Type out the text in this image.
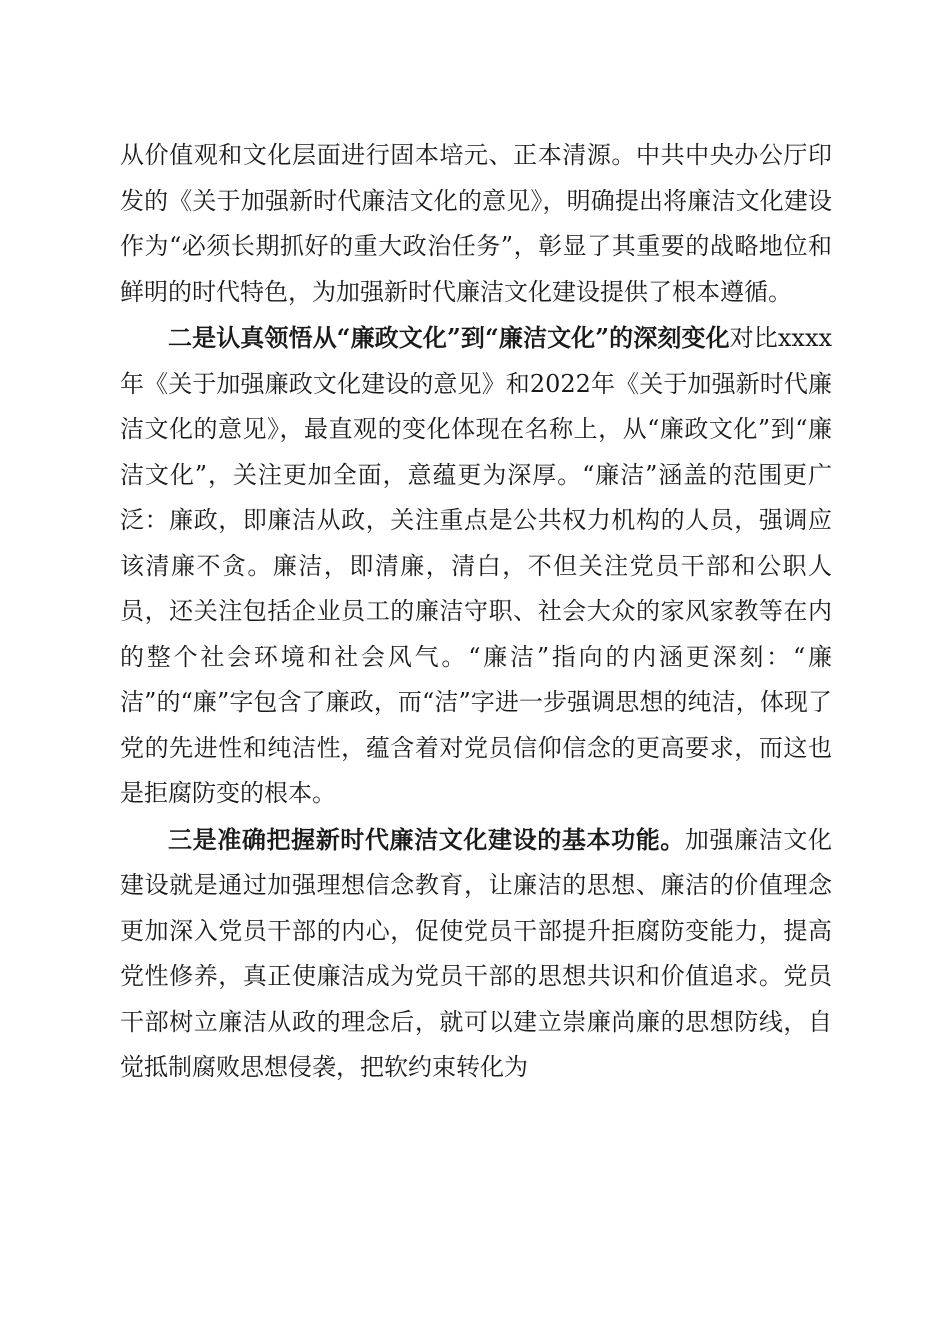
从价值观和文化层面进行固本培元、正本清源。中共中央办公厅印发的《关于加强新时代廉洁文化的意见》，明确提出将廉洁文化建设作为“必须长期抓好的重大政治任务”，彰显了其重要的战略地位和鲜明的时代特色，为加强新时代廉洁文化建设提供了根本遵循。

二是认真领悟从“廉政文化”到“廉洁文化”的深刻变化对比xxxx年《关于加强廉政文化建设的意见》和2022年《关于加强新时代廉洁文化的意见》，最直观的变化体现在名称上，从“廉政文化”到“廉洁文化”，关注更加全面，意蕴更为深厚。“廉洁”涵盖的范围更广泛：廉政，即廉洁从政，关注重点是公共权力机构的人员，强调应该清廉不贪。廉洁，即清廉，清白，不但关注党员干部和公职人员，还关注包括企业员工的廉洁守职、社会大众的家风家教等在内的整个社会环境和社会风气。“廉洁”指向的内涵更深刻：“廉洁”的“廉”字包含了廉政，而“洁”字进一步强调思想的纯洁，体现了党的先进性和纯洁性，蕴含着对党员信仰信念的更高要求，而这也是拒腐防变的根本。

三是准确把握新时代廉洁文化建设的基本功能。加强廉洁文化建设就是通过加强理想信念教育，让廉洁的思想、廉洁的价值理念更加深入党员干部的内心，促使党员干部提升拒腐防变能力，提高党性修养，真正使廉洁成为党员干部的思想共识和价值追求。党员干部树立廉洁从政的理念后，就可以建立崇廉尚廉的思想防线，自觉抵制腐败思想侵袭，把软约束转化为
